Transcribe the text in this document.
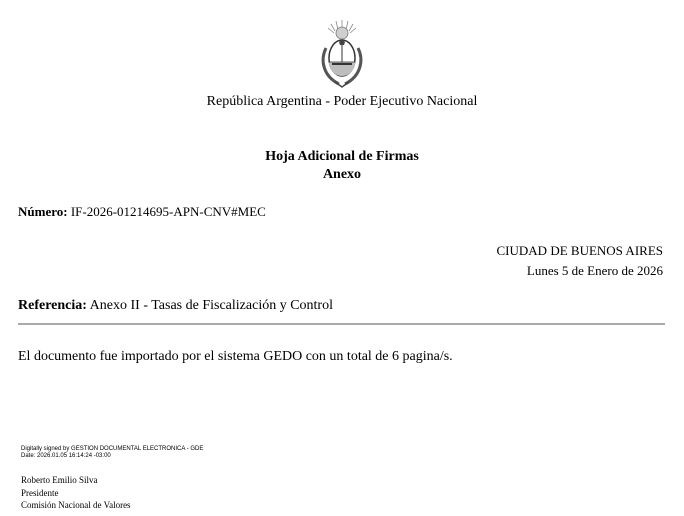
República Argentina - Poder Ejecutivo Nacional
Hoja Adicional de Firmas
Anexo
Número: IF-2026-01214695-APN-CNV#MEC
CIUDAD DE BUENOS AIRES
Lunes 5 de Enero de 2026
Referencia: Anexo II - Tasas de Fiscalización y Control
El documento fue importado por el sistema GEDO con un total de 6 pagina/s.
Digitally signed by GESTION DOCUMENTAL ELECTRONICA - GDE
Date: 2026.01.05 16:14:24 -03:00
Roberto Emilio Silva
Presidente
Comisión Nacional de Valores
